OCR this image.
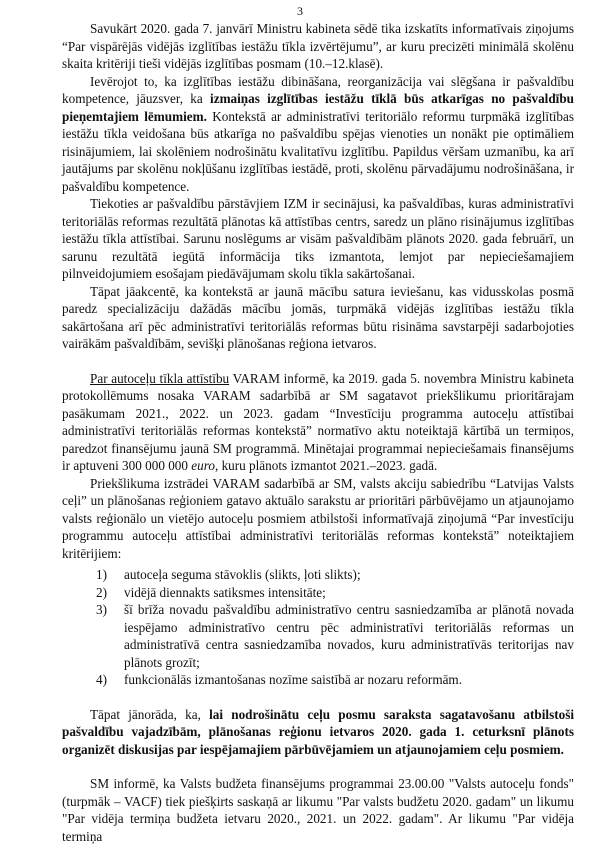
3

Savukārt 2020. gada 7. janvārī Ministru kabineta sēdē tika izskatīts informatīvais ziņojums “Par vispārējās vidējās izglītības iestāžu tīkla izvērtējumu”, ar kuru precizēti minimālā skolēnu skaita kritēriji tieši vidējās izglītības posmam (10.–12.klasē).

Ievērojot to, ka izglītības iestāžu dibināšana, reorganizācija vai slēgšana ir pašvaldību kompetence, jāuzsver, ka izmaiņas izglītības iestāžu tīklā būs atkarīgas no pašvaldību pieņemtajiem lēmumiem. Kontekstā ar administratīvi teritoriālo reformu turpmākā izglītības iestāžu tīkla veidošana būs atkarīga no pašvaldību spējas vienoties un nonākt pie optimāliem risinājumiem, lai skolēniem nodrošinātu kvalitatīvu izglītību. Papildus vēršam uzmanību, ka arī jautājums par skolēnu nokļūšanu izglītības iestādē, proti, skolēnu pārvadājumu nodrošināšana, ir pašvaldību kompetence.

Tiekoties ar pašvaldību pārstāvjiem IZM ir secinājusi, ka pašvaldības, kuras administratīvi teritoriālās reformas rezultātā plānotas kā attīstības centrs, saredz un plāno risinājumus izglītības iestāžu tīkla attīstībai. Sarunu noslēgums ar visām pašvaldībām plānots 2020. gada februārī, un sarunu rezultātā iegūtā informācija tiks izmantota, lemjot par nepieciešamajiem pilnveidojumiem esošajam piedāvājumam skolu tīkla sakārtošanai.

Tāpat jāakcentē, ka kontekstā ar jaunā mācību satura ieviešanu, kas vidusskolas posmā paredz specializāciju dažādās mācību jomās, turpmākā vidējās izglītības iestāžu tīkla sakārtošana arī pēc administratīvi teritoriālās reformas būtu risināma savstarpēji sadarbojoties vairākām pašvaldībām, sevišķi plānošanas reģiona ietvaros.

Par autoceļu tīkla attīstību VARAM informē, ka 2019. gada 5. novembra Ministru kabineta protokollēmums nosaka VARAM sadarbībā ar SM sagatavot priekšlikumu prioritārajam pasākumam 2021., 2022. un 2023. gadam “Investīciju programma autoceļu attīstībai administratīvi teritoriālās reformas kontekstā” normatīvo aktu noteiktajā kārtībā un termiņos, paredzot finansējumu jaunā SM programmā. Minētajai programmai nepieciešamais finansējums ir aptuveni 300 000 000 euro, kuru plānots izmantot 2021.–2023. gadā.

Priekšlikuma izstrādei VARAM sadarbībā ar SM, valsts akciju sabiedrību “Latvijas Valsts ceļi” un plānošanas reģioniem gatavo aktuālo sarakstu ar prioritāri pārbūvējamo un atjaunojamo valsts reģionālo un vietējo autoceļu posmiem atbilstoši informatīvajā ziņojumā “Par investīciju programmu autoceļu attīstībai administratīvi teritoriālās reformas kontekstā” noteiktajiem kritērijiem:

1) autoceļa seguma stāvoklis (slikts, ļoti slikts);
2) vidējā diennakts satiksmes intensitāte;
3) šī brīža novadu pašvaldību administratīvo centru sasniedzamība ar plānotā novada iespējamo administratīvo centru pēc administratīvi teritoriālās reformas un administratīvā centra sasniedzamība novados, kuru administratīvās teritorijas nav plānots grozīt;
4) funkcionālās izmantošanas nozīme saistībā ar nozaru reformām.

Tāpat jānorāda, ka, lai nodrošinātu ceļu posmu saraksta sagatavošanu atbilstoši pašvaldību vajadzībām, plānošanas reģionu ietvaros 2020. gada 1. ceturksnī plānots organizēt diskusijas par iespējamajiem pārbūvējamiem un atjaunojamiem ceļu posmiem.

SM informē, ka Valsts budžeta finansējums programmai 23.00.00 "Valsts autoceļu fonds" (turpmāk – VACF) tiek piešķirts saskaņā ar likumu "Par valsts budžetu 2020. gadam" un likumu "Par vidēja termiņa budžeta ietvaru 2020., 2021. un 2022. gadam". Ar likumu "Par vidēja termiņa
